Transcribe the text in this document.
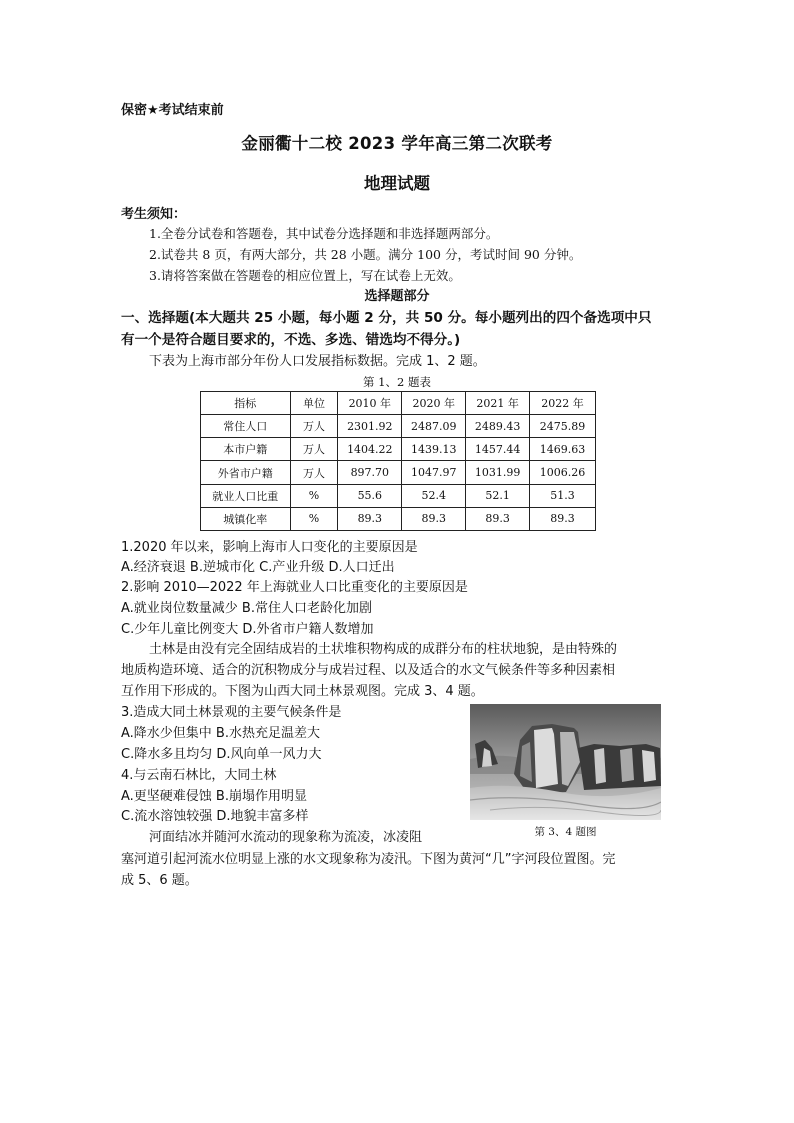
保密★考试结束前
金丽衢十二校 2023 学年高三第二次联考
地理试题
考生须知：
1.全卷分试卷和答题卷，其中试卷分选择题和非选择题两部分。
2.试卷共 8 页，有两大部分，共 28 小题。满分 100 分，考试时间 90 分钟。
3.请将答案做在答题卷的相应位置上，写在试卷上无效。
选择题部分
一、选择题(本大题共 25 小题，每小题 2 分，共 50 分。每小题列出的四个备选项中只
有一个是符合题目要求的，不选、多选、错选均不得分。)
下表为上海市部分年份人口发展指标数据。完成 1、2 题。
第 1、2 题表
指标	单位	2010 年	2020 年	2021 年	2022 年
常住人口	万人	2301.92	2487.09	2489.43	2475.89
本市户籍	万人	1404.22	1439.13	1457.44	1469.63
外省市户籍	万人	897.70	1047.97	1031.99	1006.26
就业人口比重	%	55.6	52.4	52.1	51.3
城镇化率	%	89.3	89.3	89.3	89.3
1.2020 年以来，影响上海市人口变化的主要原因是
A.经济衰退 B.逆城市化 C.产业升级 D.人口迁出
2.影响 2010—2022 年上海就业人口比重变化的主要原因是
A.就业岗位数量减少 B.常住人口老龄化加剧
C.少年儿童比例变大 D.外省市户籍人数增加
土林是由没有完全固结成岩的土状堆积物构成的成群分布的柱状地貌，是由特殊的
地质构造环境、适合的沉积物成分与成岩过程、以及适合的水文气候条件等多种因素相
互作用下形成的。下图为山西大同土林景观图。完成 3、4 题。
3.造成大同土林景观的主要气候条件是
A.降水少但集中 B.水热充足温差大
C.降水多且均匀 D.风向单一风力大
4.与云南石林比，大同土林
A.更坚硬难侵蚀 B.崩塌作用明显
C.流水溶蚀较强 D.地貌丰富多样
第 3、4 题图
河面结冰并随河水流动的现象称为流凌，冰凌阻
塞河道引起河流水位明显上涨的水文现象称为凌汛。下图为黄河“几”字河段位置图。完
成 5、6 题。
